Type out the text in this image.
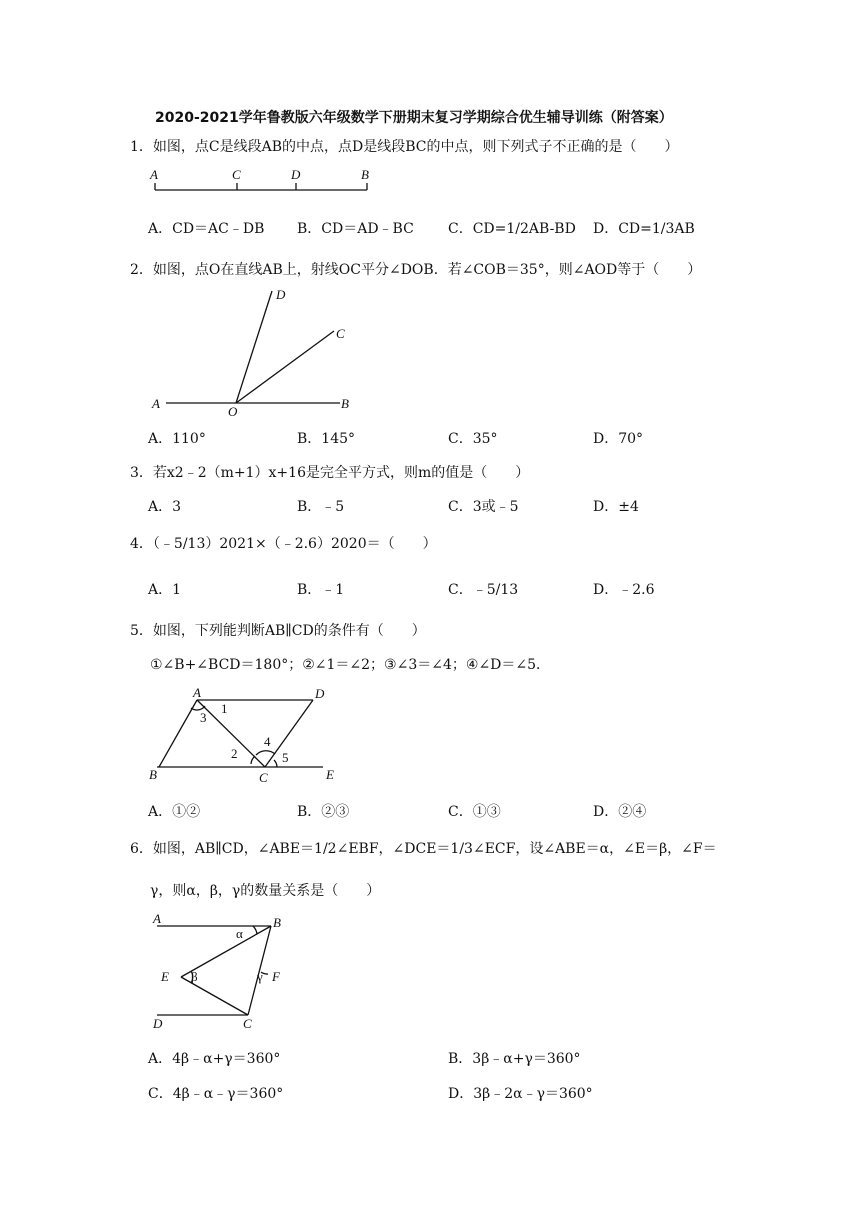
2020-2021学年鲁教版六年级数学下册期末复习学期综合优生辅导训练（附答案）
1．如图，点C是线段AB的中点，点D是线段BC的中点，则下列式子不正确的是（　　）
A	C	D	B
A．CD＝AC﹣DB B．CD＝AD﹣BC C．CD=1/2AB-BD D．CD=1/3AB
2．如图，点O在直线AB上，射线OC平分∠DOB．若∠COB＝35°，则∠AOD等于（　　）
D
C
A
O
B
A．110°	B．145°	C．35°	D．70°
3．若x2﹣2（m+1）x+16是完全平方式，则m的值是（　　）
A．3	B．﹣5	C．3或﹣5	D．±4
4．（﹣5/13）2021×（﹣2.6）2020＝（　　）
A．1	B．﹣1	C．﹣5/13	D．﹣2.6
5．如图，下列能判断AB∥CD的条件有（　　）
①∠B+∠BCD＝180°；②∠1＝∠2；③∠3＝∠4；④∠D＝∠5．
A	D
1
3
4
2	5
B	C	E
A．①②	B．②③	C．①③	D．②④
6．如图，AB∥CD，∠ABE＝1/2∠EBF，∠DCE＝1/3∠ECF，设∠ABE＝α，∠E＝β，∠F＝
γ，则α，β，γ的数量关系是（　　）
A	B
α
E β	γ F
D	C
A．4β﹣α+γ＝360°	B．3β﹣α+γ＝360°
C．4β﹣α﹣γ＝360°	D．3β﹣2α﹣γ＝360°
